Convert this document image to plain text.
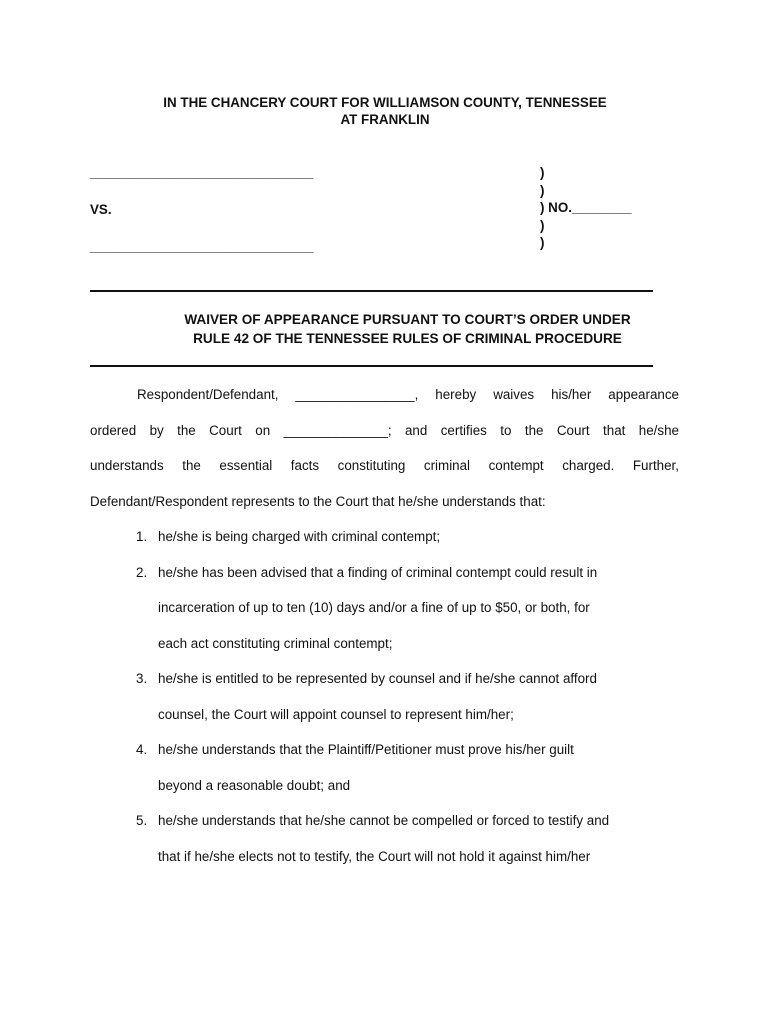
IN THE CHANCERY COURT FOR WILLIAMSON COUNTY, TENNESSEE
AT FRANKLIN
______________________________
VS.
______________________________
)
)
) NO.________
)
)
WAIVER OF APPEARANCE PURSUANT TO COURT’S ORDER UNDER
RULE 42 OF THE TENNESSEE RULES OF CRIMINAL PROCEDURE
Respondent/Defendant, ________________, hereby waives his/her appearance
ordered by the Court on ______________; and certifies to the Court that he/she
understands the essential facts constituting criminal contempt charged. Further,
Defendant/Respondent represents to the Court that he/she understands that:
1. he/she is being charged with criminal contempt;
2. he/she has been advised that a finding of criminal contempt could result in
incarceration of up to ten (10) days and/or a fine of up to $50, or both, for
each act constituting criminal contempt;
3. he/she is entitled to be represented by counsel and if he/she cannot afford
counsel, the Court will appoint counsel to represent him/her;
4. he/she understands that the Plaintiff/Petitioner must prove his/her guilt
beyond a reasonable doubt; and
5. he/she understands that he/she cannot be compelled or forced to testify and
that if he/she elects not to testify, the Court will not hold it against him/her
